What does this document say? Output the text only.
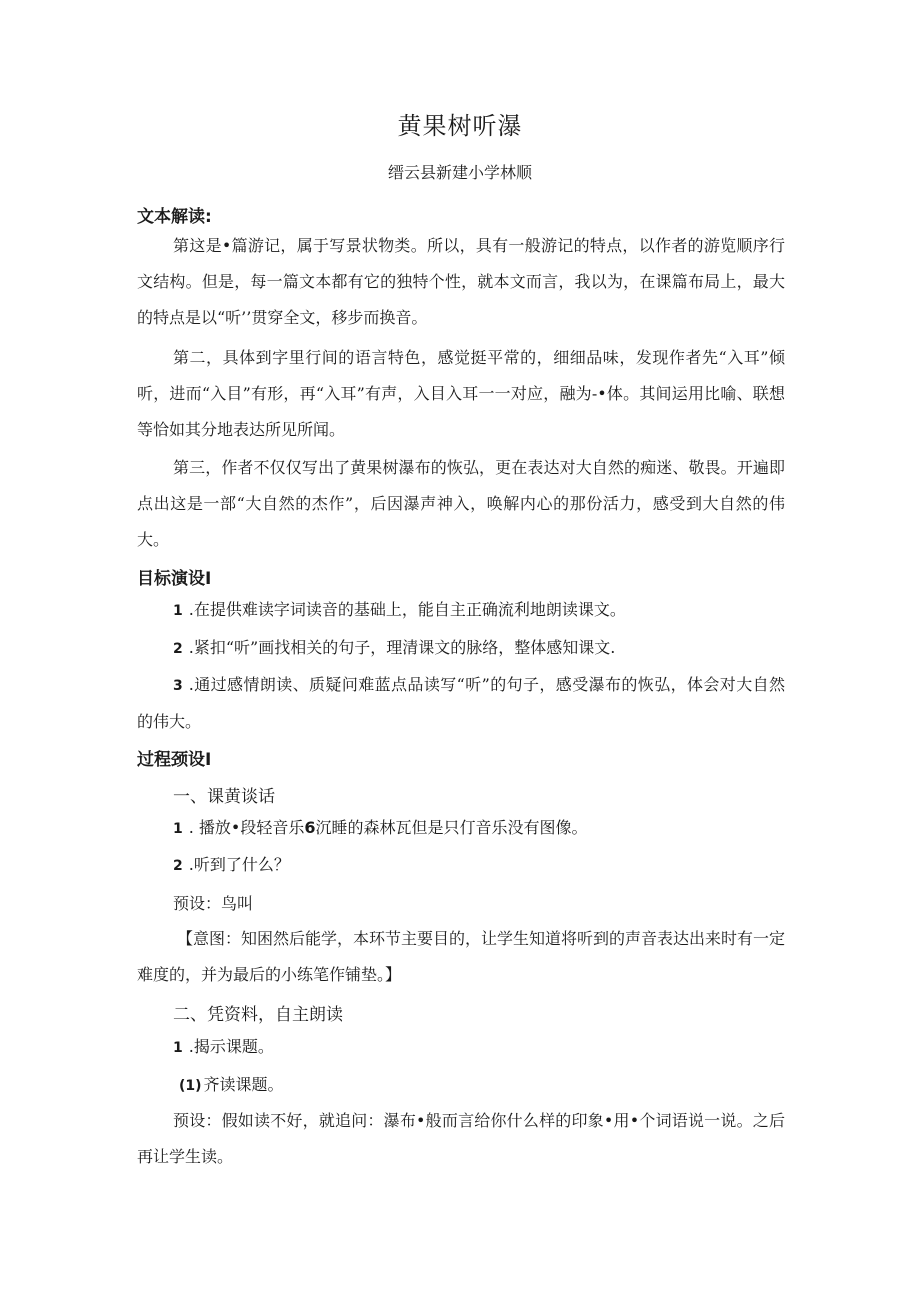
黄果树听瀑
缙云县新建小学林顺
文本解读:
第这是•篇游记，属于写景状物类。所以，具有一般游记的特点，以作者的游览顺序行文结构。但是，每一篇文本都有它的独特个性，就本文而言，我以为，在课篇布局上，最大的特点是以“听’’贯穿全文，移步而换音。
第二，具体到字里行间的语言特色，感觉挺平常的，细细品味，发现作者先“入耳”倾听，进而“入目”有形，再“入耳”有声，入目入耳一一对应，融为-•体。其间运用比喻、联想等恰如其分地表达所见所闻。
第三，作者不仅仅写出了黄果树瀑布的恢弘，更在表达对大自然的痴迷、敬畏。开遍即点出这是一部“大自然的杰作”，后因瀑声神入，唤解内心的那份活力，感受到大自然的伟大。
目标演设I
1 .在提供难读字词读音的基础上，能自主正确流利地朗读课文。
2 .紧扣“听”画找相关的句子，理清课文的脉络，整体感知课文.
3 .通过感情朗读、质疑问难蓝点品读写“听”的句子，感受瀑布的恢弘，体会对大自然的伟大。
过程颈设I
一、课黄谈话
1 . 播放•段轻音乐6沉睡的森林瓦但是只仃音乐没有图像。
2 .听到了什么？
预设：鸟叫
【意图：知困然后能学，本环节主要目的，让学生知道将听到的声音表达出来时有一定难度的，并为最后的小练笔作铺垫。】
二、凭资料，自主朗读
1 .揭示课题。
(1) 齐读课题。
预设：假如读不好，就追问：瀑布•般而言给你什么样的印象•用•个词语说一说。之后再让学生读。
